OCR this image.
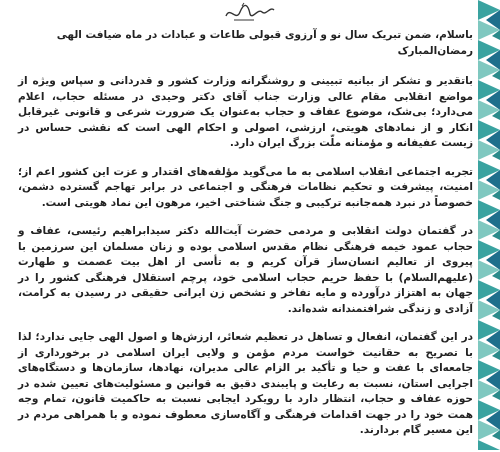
باسلام، ضمن تبریک سال نو و آرزوی قبولی طاعات و عبادات در ماه ضیافت الهی
رمضان‌المبارک

باتقدیر و تشکر از بیانیه تبیینی و روشنگرانه وزارت کشور و قدردانی و سپاس ویژه از مواضع انقلابی مقام عالی وزارت جناب آقای دکتر وحیدی در مسئله حجاب، اعلام می‌دارد؛ بی‌شک، موضوع عفاف و حجاب به‌عنوان یک ضرورت شرعی و قانونی غیرقابل انکار و از نمادهای هویتی، ارزشی، اصولی و احکام الهی است که نقشی حساس در زیست عفیفانه و مؤمنانه ملّت بزرگ ایران دارد.

تجربه اجتماعی انقلاب اسلامی به ما می‌گوید مؤلفه‌های اقتدار و عزت این کشور اعم از؛ امنیت، پیشرفت و تحکیم نظامات فرهنگی و اجتماعی در برابر تهاجم گسترده دشمن، خصوصاً در نبرد همه‌جانبه ترکیبی و جنگ شناختی اخیر، مرهون این نماد هویتی است.

در گفتمان دولت انقلابی و مردمی حضرت آیت‌الله دکتر سیدابراهیم رئیسی، عفاف و حجاب عمود خیمه فرهنگی نظام مقدس اسلامی بوده و زنان مسلمان این سرزمین با پیروی از تعالیم انسان‌ساز قرآن کریم و به تأسی از اهل بیت عصمت و طهارت (علیهم‌السلام) با حفظ حریم حجاب اسلامی خود، پرچم استقلال فرهنگی کشور را در جهان به اهتزاز درآورده و مایه تفاخر و تشخص زن ایرانی حقیقی در رسیدن به کرامت، آزادی و زندگی شرافتمندانه شده‌اند.

در این گفتمان، انفعال و تساهل در تعظیم شعائر، ارزش‌ها و اصول الهی جایی ندارد؛ لذا با تصریح به حقانیت خواست مردم مؤمن و ولایی ایران اسلامی در برخورداری از جامعه‌ای با عفت و حیا و تأکید بر الزام عالی مدیران، نهادها، سازمان‌ها و دستگاه‌های اجرایی استان، نسبت به رعایت و پایبندی دقیق به قوانین و مسئولیت‌های تعیین شده در حوزه عفاف و حجاب، انتظار دارد با رویکرد ایجابی نسبت به حاکمیت قانون، تمام وجه همت خود را در جهت اقدامات فرهنگی و آگاه‌سازی معطوف نموده و با همراهی مردم در این مسیر گام بردارند.
